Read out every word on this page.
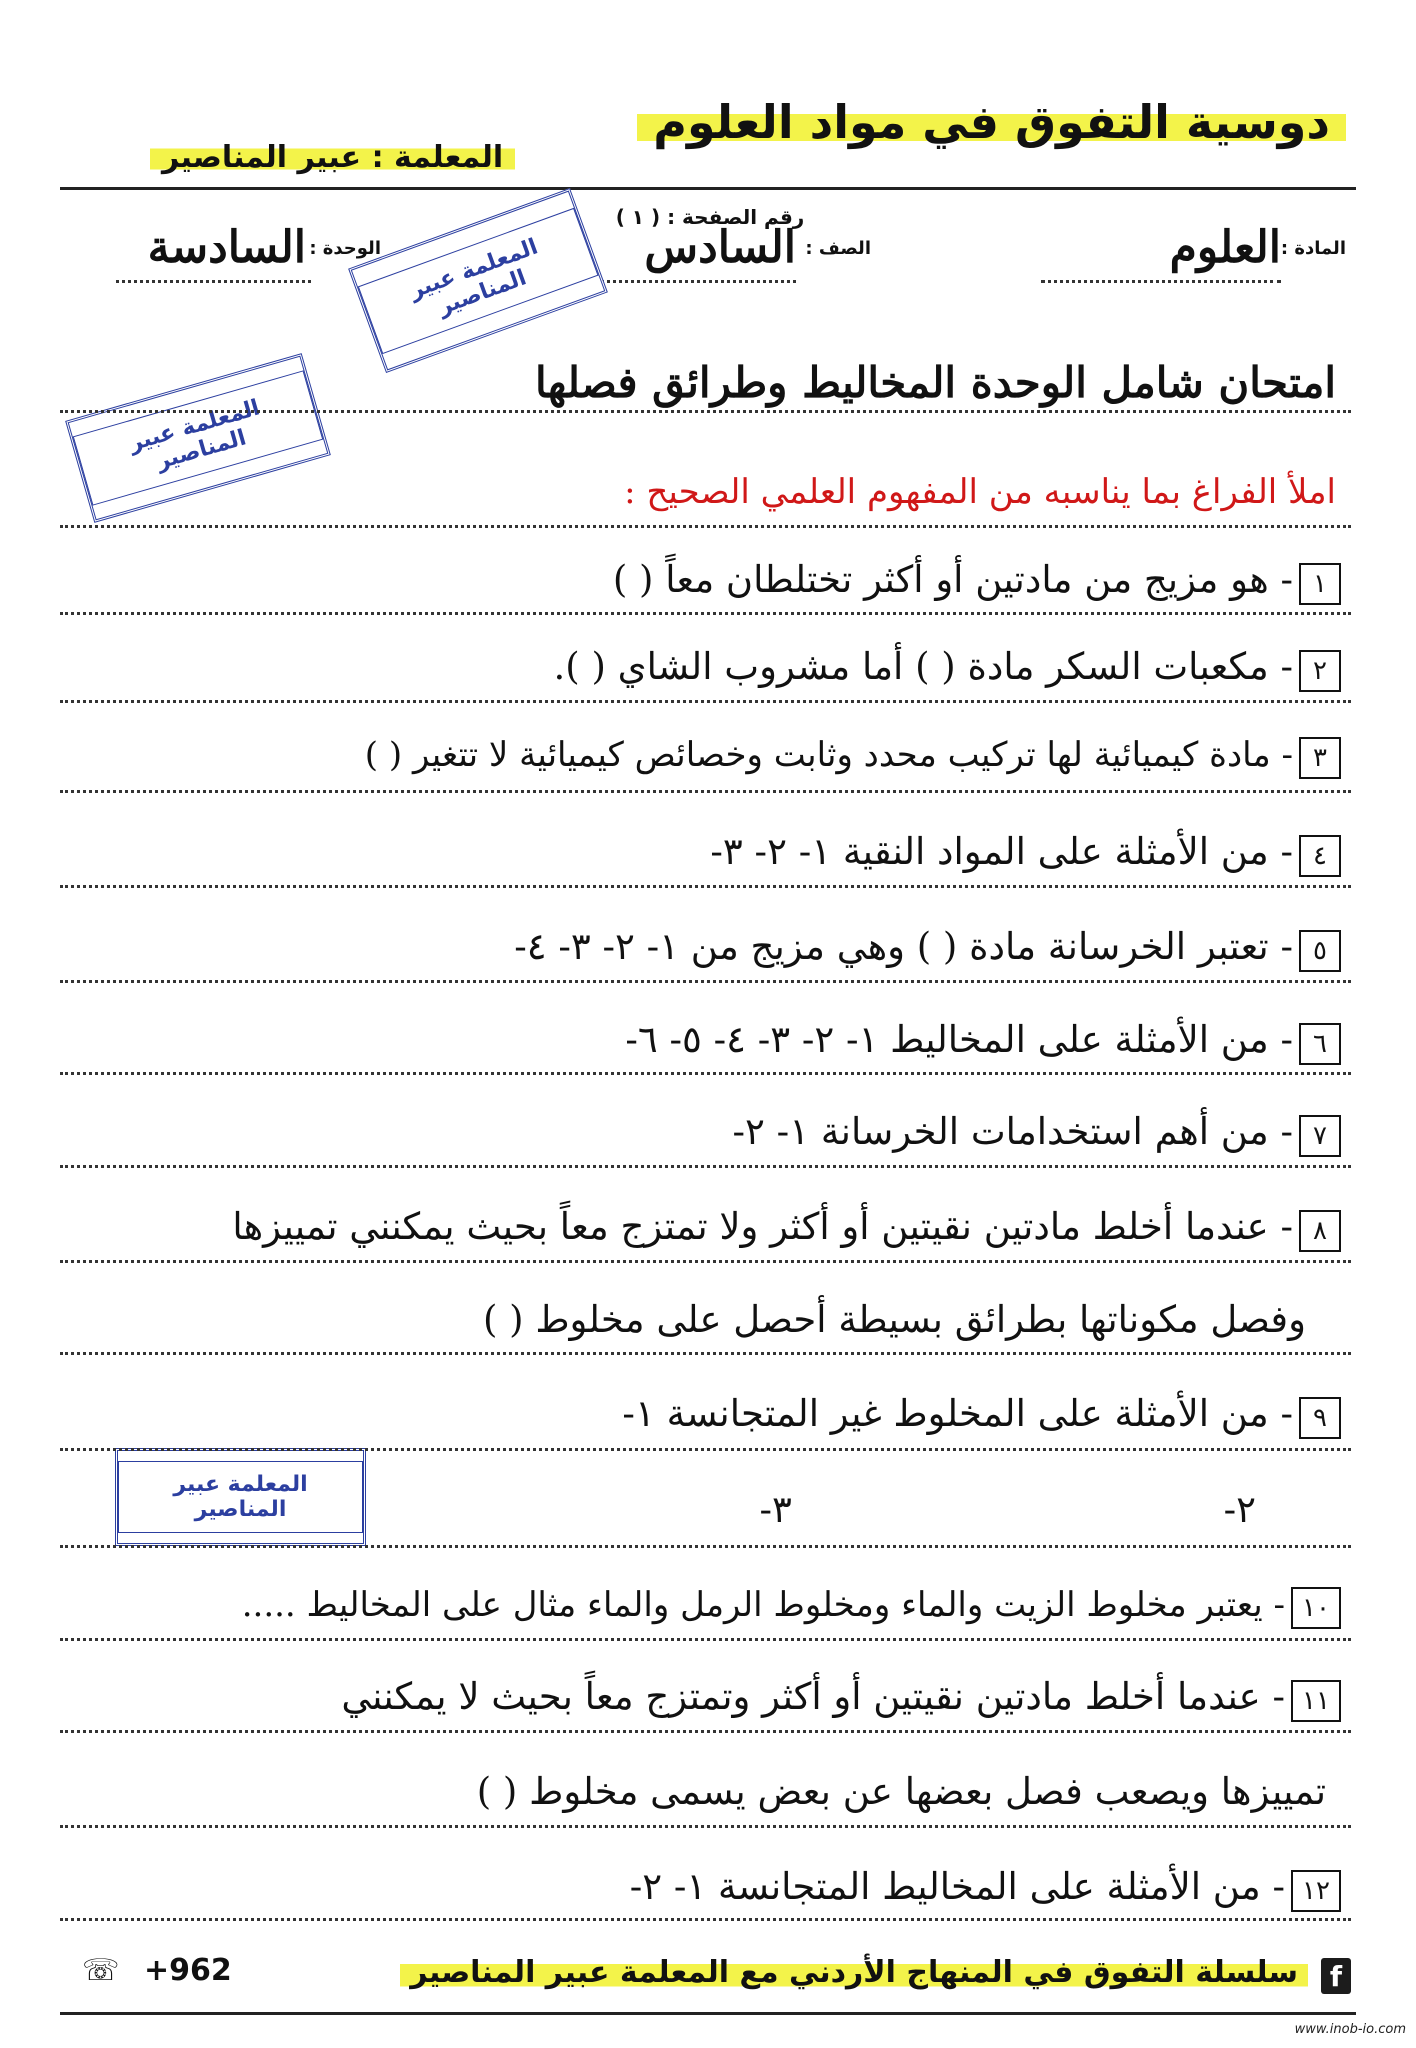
دوسية التفوق في مواد العلوم
المعلمة : عبير المناصير
رقم الصفحة : ( ١ )
المادة :
العلوم
الصف :
السادس
الوحدة :
السادسة	المعلمة عبير المناصير
المعلمة عبير المناصير
المعلمة عبير المناصير
امتحان شامل الوحدة المخاليط وطرائق فصلها
املأ الفراغ بما يناسبه من المفهوم العلمي الصحيح :
١- هو مزيج من مادتين أو أكثر تختلطان معاً ( )
٢- مكعبات السكر مادة ( ) أما مشروب الشاي ( ).
٣- مادة كيميائية لها تركيب محدد وثابت وخصائص كيميائية لا تتغير ( )
٤- من الأمثلة على المواد النقية ١- ٢- ٣-
٥- تعتبر الخرسانة مادة ( ) وهي مزيج من ١- ٢- ٣- ٤-
٦- من الأمثلة على المخاليط ١- ٢- ٣- ٤- ٥- ٦-
٧- من أهم استخدامات الخرسانة ١- ٢-
٨- عندما أخلط مادتين نقيتين أو أكثر ولا تمتزج معاً بحيث يمكنني تمييزها
وفصل مكوناتها بطرائق بسيطة أحصل على مخلوط ( )
٩- من الأمثلة على المخلوط غير المتجانسة ١-
٢- ٣-
١٠- يعتبر مخلوط الزيت والماء ومخلوط الرمل والماء مثال على المخاليط .....
١١- عندما أخلط مادتين نقيتين أو أكثر وتمتزج معاً بحيث لا يمكنني
تمييزها ويصعب فصل بعضها عن بعض يسمى مخلوط ( )
١٢- من الأمثلة على المخاليط المتجانسة ١- ٢-
f
سلسلة التفوق في المنهاج الأردني مع المعلمة عبير المناصير
☏ +962
www.inob-io.com
